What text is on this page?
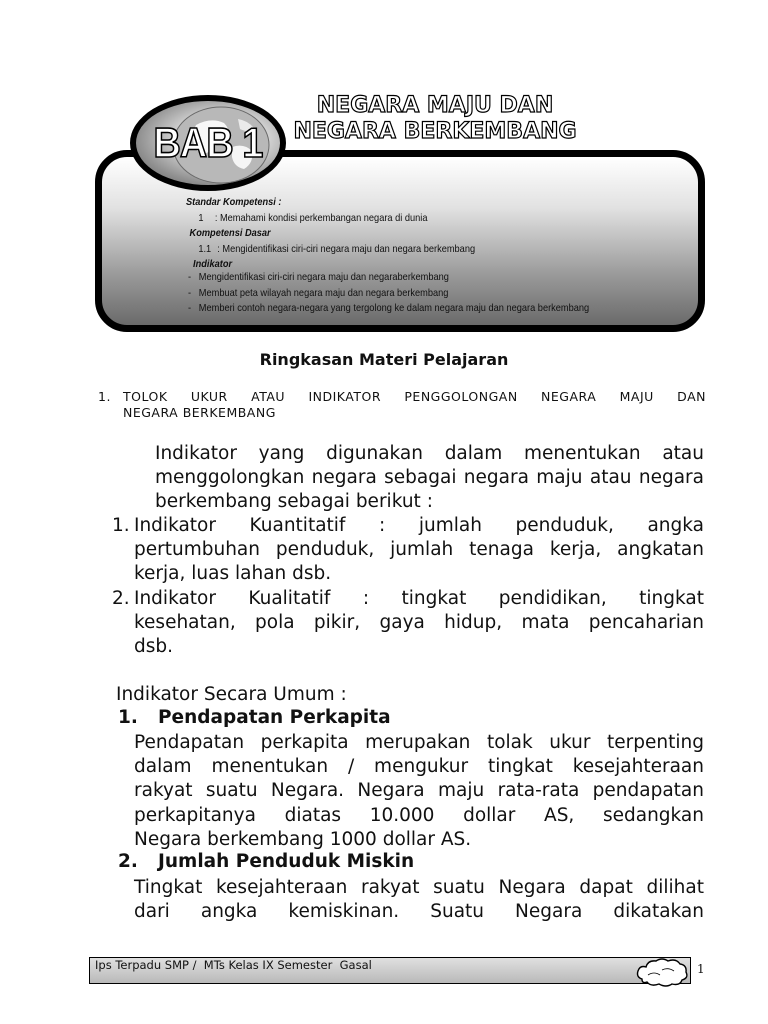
BAB 1
NEGARA MAJU DAN
NEGARA BERKEMBANG
Standar Kompetensi :
1 : Memahami kondisi perkembangan negara di dunia
Kompetensi Dasar
1.1 : Mengidentifikasi ciri-ciri negara maju dan negara berkembang
Indikator
-   Mengidentifikasi ciri-ciri negara maju dan negaraberkembang
-   Membuat peta wilayah negara maju dan negara berkembang
-   Memberi contoh negara-negara yang tergolong ke dalam negara maju dan negara berkembang
Ringkasan Materi Pelajaran
1. TOLOK UKUR ATAU INDIKATOR PENGGOLONGAN NEGARA MAJU DAN
NEGARA BERKEMBANG
Indikator yang digunakan dalam menentukan atau
menggolongkan negara sebagai negara maju atau negara
berkembang sebagai berikut :
1. Indikator Kuantitatif : jumlah penduduk, angka
pertumbuhan penduduk, jumlah tenaga kerja, angkatan
kerja, luas lahan dsb.
2. Indikator Kualitatif : tingkat pendidikan, tingkat
kesehatan, pola pikir, gaya hidup, mata pencaharian
dsb.
Indikator Secara Umum :
1. Pendapatan Perkapita
Pendapatan perkapita merupakan tolak ukur terpenting
dalam menentukan / mengukur tingkat kesejahteraan
rakyat suatu Negara. Negara maju rata-rata pendapatan
perkapitanya diatas 10.000 dollar AS, sedangkan
Negara berkembang 1000 dollar AS.
2. Jumlah Penduduk Miskin
Tingkat kesejahteraan rakyat suatu Negara dapat dilihat
dari angka kemiskinan. Suatu Negara dikatakan
Ips Terpadu SMP /  MTs Kelas IX Semester  Gasal	1
